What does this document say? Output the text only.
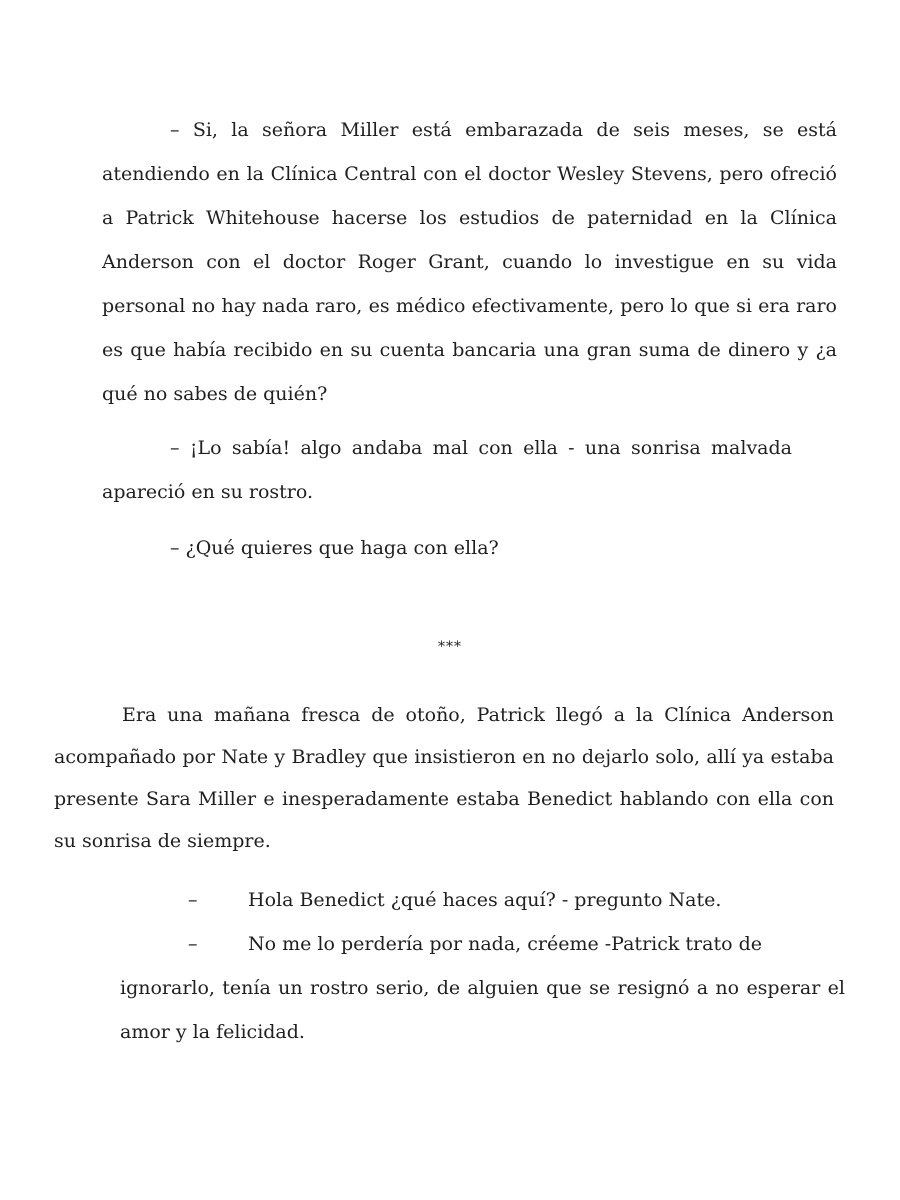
– Si, la señora Miller está embarazada de seis meses, se está atendiendo en la Clínica Central con el doctor Wesley Stevens, pero ofreció a Patrick Whitehouse hacerse los estudios de paternidad en la Clínica Anderson con el doctor Roger Grant, cuando lo investigue en su vida personal no hay nada raro, es médico efectivamente, pero lo que si era raro es que había recibido en su cuenta bancaria una gran suma de dinero y ¿a qué no sabes de quién?

– ¡Lo sabía! algo andaba mal con ella - una sonrisa malvada apareció en su rostro.

– ¿Qué quieres que haga con ella?

***

Era una mañana fresca de otoño, Patrick llegó a la Clínica Anderson acompañado por Nate y Bradley que insistieron en no dejarlo solo, allí ya estaba presente Sara Miller e inesperadamente estaba Benedict hablando con ella con su sonrisa de siempre.

–	Hola Benedict ¿qué haces aquí? - pregunto Nate.

–	No me lo perdería por nada, créeme -Patrick trato de

ignorarlo, tenía un rostro serio, de alguien que se resignó a no esperar el amor y la felicidad.
